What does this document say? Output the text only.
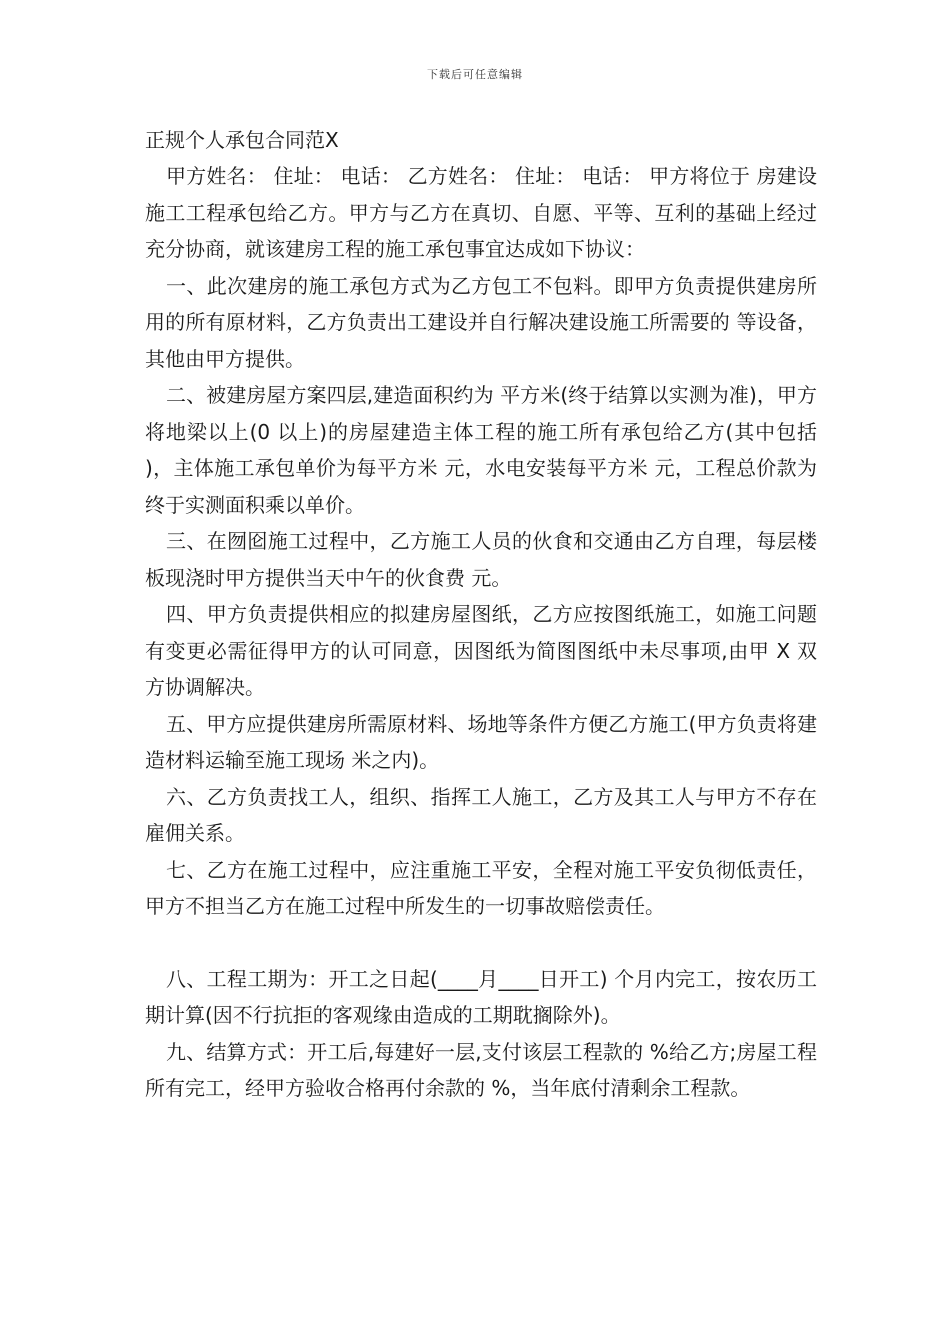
下载后可任意编辑
正规个人承包合同范X

甲方姓名： 住址： 电话： 乙方姓名： 住址： 电话： 甲方将位于 房建设施工工程承包给乙方。甲方与乙方在真切、自愿、平等、互利的基础上经过充分协商，就该建房工程的施工承包事宜达成如下协议：

一、此次建房的施工承包方式为乙方包工不包料。即甲方负责提供建房所用的所有原材料，乙方负责出工建设并自行解决建设施工所需要的 等设备，其他由甲方提供。

二、被建房屋方案四层,建造面积约为 平方米(终于结算以实测为准)，甲方将地梁以上(0 以上)的房屋建造主体工程的施工所有承包给乙方(其中包括 )，主体施工承包单价为每平方米 元，水电安装每平方米 元，工程总价款为终于实测面积乘以单价。

三、在囫囵施工过程中，乙方施工人员的伙食和交通由乙方自理，每层楼板现浇时甲方提供当天中午的伙食费 元。

四、甲方负责提供相应的拟建房屋图纸，乙方应按图纸施工，如施工问题有变更必需征得甲方的认可同意，因图纸为简图图纸中未尽事项,由甲 X 双方协调解决。

五、甲方应提供建房所需原材料、场地等条件方便乙方施工(甲方负责将建造材料运输至施工现场 米之内)。

六、乙方负责找工人，组织、指挥工人施工，乙方及其工人与甲方不存在雇佣关系。

七、乙方在施工过程中，应注重施工平安，全程对施工平安负彻低责任，甲方不担当乙方在施工过程中所发生的一切事故赔偿责任。

八、工程工期为：开工之日起(____月____日开工) 个月内完工，按农历工期计算(因不行抗拒的客观缘由造成的工期耽搁除外)。

九、结算方式：开工后,每建好一层,支付该层工程款的 %给乙方;房屋工程所有完工，经甲方验收合格再付余款的 %，当年底付清剩余工程款。
